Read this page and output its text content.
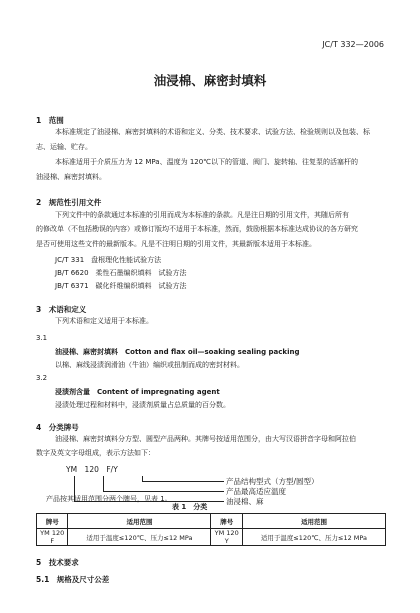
JC/T 332—2006
油浸棉、麻密封填料
1　范围
本标准规定了油浸棉、麻密封填料的术语和定义、分类、技术要求、试验方法、检验规则以及包装、标
志、运输、贮存。
本标准适用于介质压力为 12 MPa、温度为 120℃以下的管道、阀门、旋转轴、往复泵的活塞杆的
油浸棉、麻密封填料。
2　规范性引用文件
下列文件中的条款通过本标准的引用而成为本标准的条款。凡是注日期的引用文件，其随后所有
的修改单（不包括勘误的内容）或修订版均不适用于本标准，然而，鼓励根据本标准达成协议的各方研究
是否可使用这些文件的最新版本。凡是不注明日期的引用文件，其最新版本适用于本标准。
JC/T 331　盘根理化性能试验方法
JB/T 6620　柔性石墨编织填料　试验方法
JB/T 6371　碳化纤维编织填料　试验方法
3　术语和定义
下列术语和定义适用于本标准。
3.1
油浸棉、麻密封填料　Cotton and flax oil—soaking sealing packing
以棉、麻线浸渍润滑油（牛油）编织或扭制而成的密封材料。
3.2
浸渍剂含量　Content of impregnating agent
浸渍处理过程和材料中，浸渍剂质量占总质量的百分数。
4　分类牌号
油浸棉、麻密封填料分方型、圆型产品两种。其牌号按适用范围分，由大写汉语拼音字母和阿拉伯
数字及英文字母组成，表示方法如下：
YM　120　F/Y
产品结构型式（方型/圆型）
产品最高适应温度
油浸棉、麻
产品按其适用范围分两个牌号，见表 1。
表 1　分类
牌号	适用范围	牌号	适用范围
YM 120 F	适用于温度≤120℃、压力≤12 MPa	YM 120 Y	适用于温度≤120℃、压力≤12 MPa
5　技术要求
5.1　规格及尺寸公差
